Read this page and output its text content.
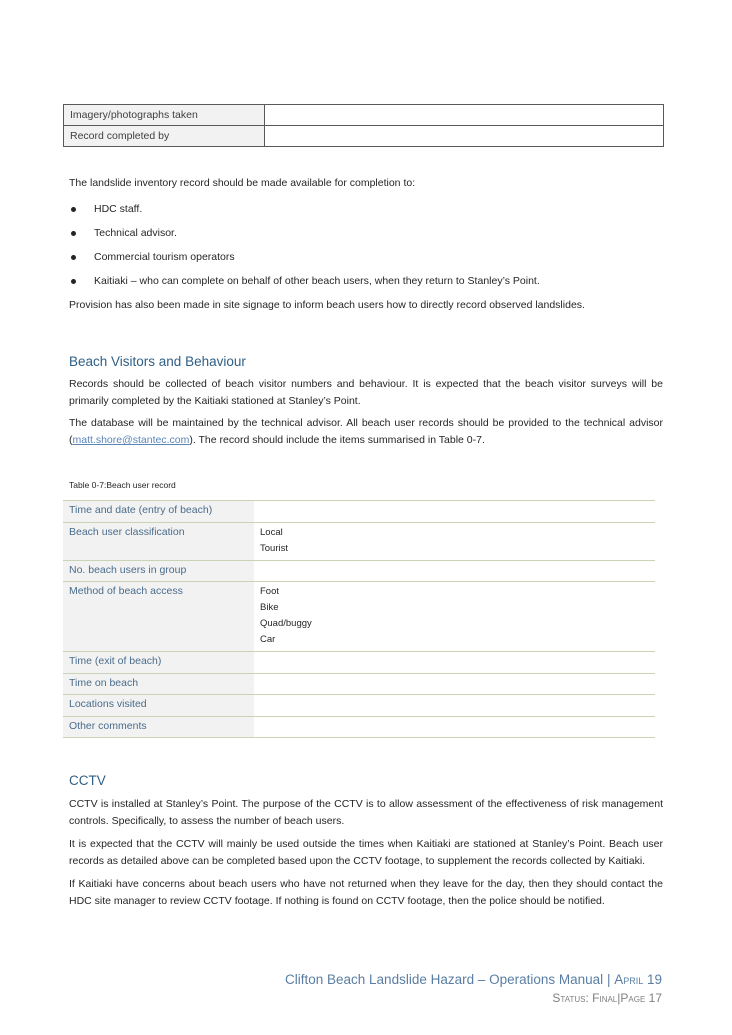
Imagery/photographs taken	
Record completed by	

The landslide inventory record should be made available for completion to:

HDC staff.
Technical advisor.
Commercial tourism operators
Kaitiaki – who can complete on behalf of other beach users, when they return to Stanley’s Point.

Provision has also been made in site signage to inform beach users how to directly record observed landslides.

Beach Visitors and Behaviour

Records should be collected of beach visitor numbers and behaviour. It is expected that the beach visitor surveys will be primarily completed by the Kaitiaki stationed at Stanley’s Point.

The database will be maintained by the technical advisor. All beach user records should be provided to the technical advisor (matt.shore@stantec.com). The record should include the items summarised in Table 0-7.

Table 0-7:Beach user record
Time and date (entry of beach)	
Beach user classification	Local
Tourist

No. beach users in group	
Method of beach access	Foot
Bike
Quad/buggy
Car

Time (exit of beach)	
Time on beach	
Locations visited	
Other comments	
CCTV

CCTV is installed at Stanley’s Point. The purpose of the CCTV is to allow assessment of the effectiveness of risk management controls. Specifically, to assess the number of beach users.

It is expected that the CCTV will mainly be used outside the times when Kaitiaki are stationed at Stanley’s Point. Beach user records as detailed above can be completed based upon the CCTV footage, to supplement the records collected by Kaitiaki.

If Kaitiaki have concerns about beach users who have not returned when they leave for the day, then they should contact the HDC site manager to review CCTV footage. If nothing is found on CCTV footage, then the police should be notified.

Clifton Beach Landslide Hazard – Operations Manual | April 19
Status: Final|Page 17
